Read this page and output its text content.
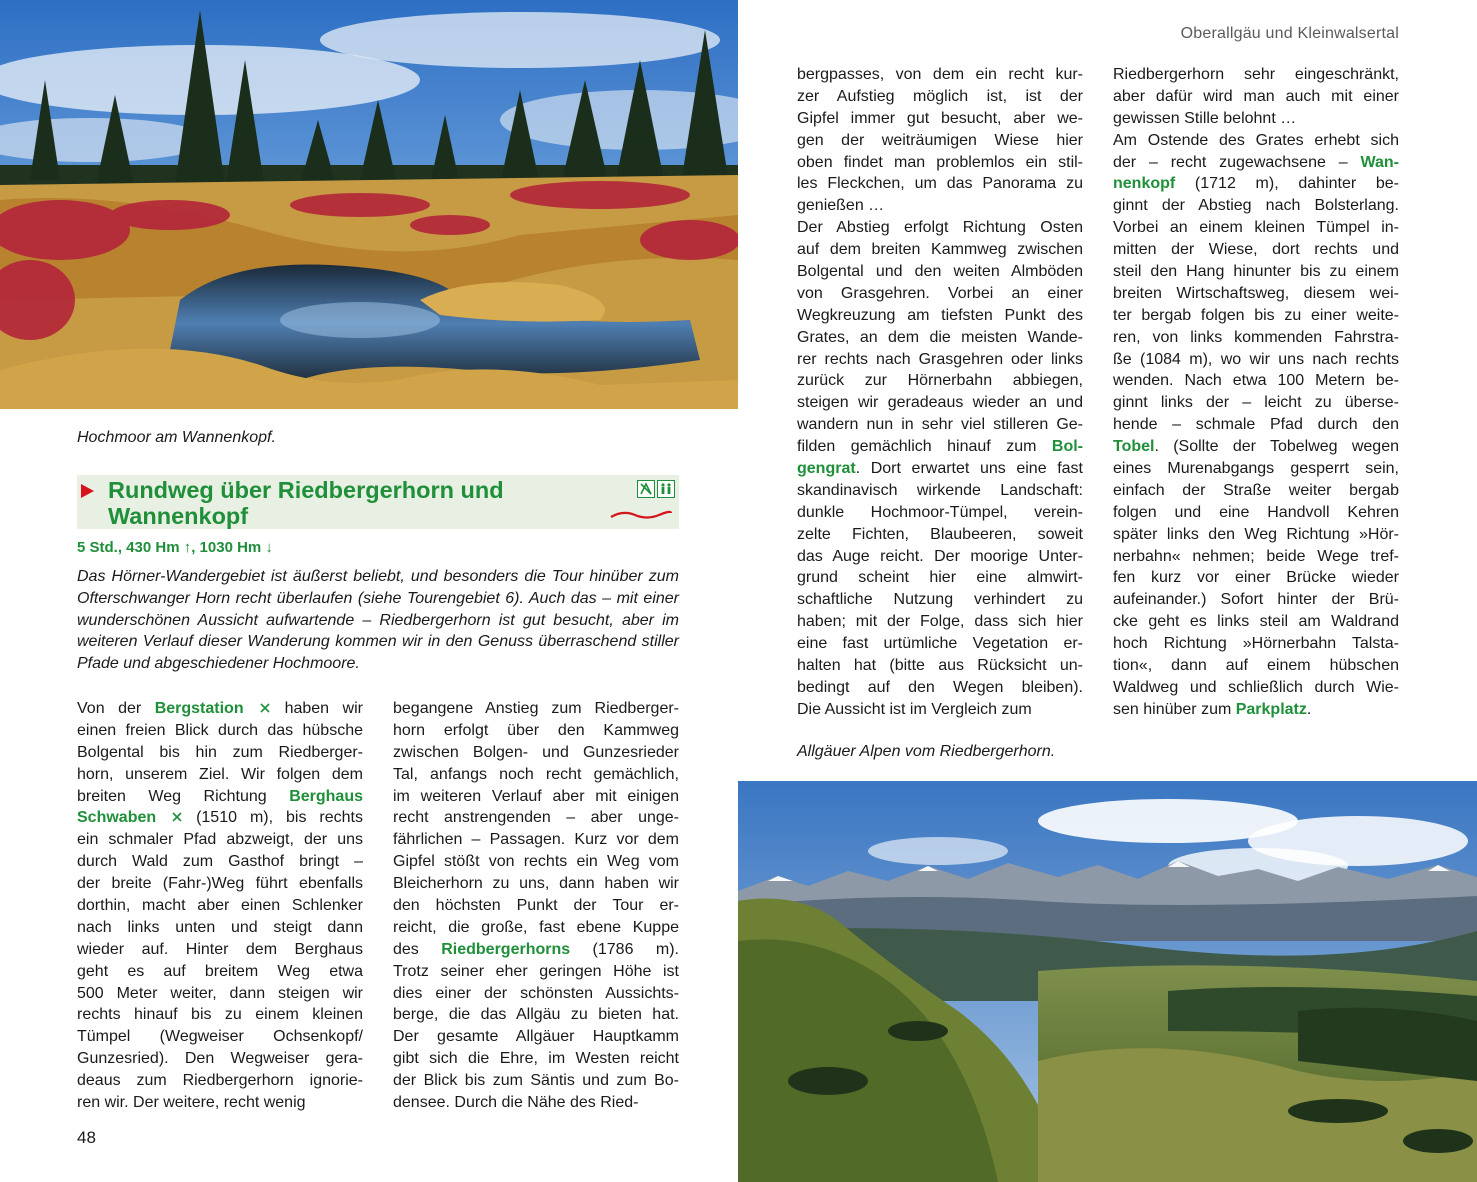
Hochmoor am Wannenkopf.
Oberallgäu und Kleinwalsertal
Rundweg über Riedbergerhorn und
Wannenkopf
5 Std., 430 Hm ↑, 1030 Hm ↓
Das Hörner-Wandergebiet ist äußerst beliebt, und besonders die Tour hinüber zum Ofterschwanger Horn recht überlaufen (siehe Tourengebiet 6). Auch das – mit einer wunderschönen Aussicht aufwartende – Riedbergerhorn ist gut besucht, aber im weiteren Verlauf dieser Wanderung kommen wir in den Genuss überraschend stiller Pfade und abgeschiedener Hochmoore.
Von der Bergstation  haben wir
einen freien Blick durch das hübsche
Bolgental bis hin zum Riedberger-
horn, unserem Ziel. Wir folgen dem
breiten Weg Richtung Berghaus
Schwaben  (1510 m), bis rechts
ein schmaler Pfad abzweigt, der uns
durch Wald zum Gasthof bringt –
der breite (Fahr-)Weg führt ebenfalls
dorthin, macht aber einen Schlenker
nach links unten und steigt dann
wieder auf. Hinter dem Berghaus
geht es auf breitem Weg etwa
500 Meter weiter, dann steigen wir
rechts hinauf bis zu einem kleinen
Tümpel (Wegweiser Ochsenkopf/
Gunzesried). Den Wegweiser gera-
deaus zum Riedbergerhorn ignorie-
ren wir. Der weitere, recht wenig
begangene Anstieg zum Riedberger-
horn erfolgt über den Kammweg
zwischen Bolgen- und Gunzesrieder
Tal, anfangs noch recht gemächlich,
im weiteren Verlauf aber mit einigen
recht anstrengenden – aber unge-
fährlichen – Passagen. Kurz vor dem
Gipfel stößt von rechts ein Weg vom
Bleicherhorn zu uns, dann haben wir
den höchsten Punkt der Tour er-
reicht, die große, fast ebene Kuppe
des Riedbergerhorns (1786 m).
Trotz seiner eher geringen Höhe ist
dies einer der schönsten Aussichts-
berge, die das Allgäu zu bieten hat.
Der gesamte Allgäuer Hauptkamm
gibt sich die Ehre, im Westen reicht
der Blick bis zum Säntis und zum Bo-
densee. Durch die Nähe des Ried-
bergpasses, von dem ein recht kur-
zer Aufstieg möglich ist, ist der
Gipfel immer gut besucht, aber we-
gen der weiträumigen Wiese hier
oben findet man problemlos ein stil-
les Fleckchen, um das Panorama zu
genießen …
Der Abstieg erfolgt Richtung Osten
auf dem breiten Kammweg zwischen
Bolgental und den weiten Almböden
von Grasgehren. Vorbei an einer
Wegkreuzung am tiefsten Punkt des
Grates, an dem die meisten Wande-
rer rechts nach Grasgehren oder links
zurück zur Hörnerbahn abbiegen,
steigen wir geradeaus wieder an und
wandern nun in sehr viel stilleren Ge-
filden gemächlich hinauf zum Bol-
gengrat. Dort erwartet uns eine fast
skandinavisch wirkende Landschaft:
dunkle Hochmoor-Tümpel, verein-
zelte Fichten, Blaubeeren, soweit
das Auge reicht. Der moorige Unter-
grund scheint hier eine almwirt-
schaftliche Nutzung verhindert zu
haben; mit der Folge, dass sich hier
eine fast urtümliche Vegetation er-
halten hat (bitte aus Rücksicht un-
bedingt auf den Wegen bleiben).
Die Aussicht ist im Vergleich zum
Riedbergerhorn sehr eingeschränkt,
aber dafür wird man auch mit einer
gewissen Stille belohnt …
Am Ostende des Grates erhebt sich
der – recht zugewachsene – Wan-
nenkopf (1712 m), dahinter be-
ginnt der Abstieg nach Bolsterlang.
Vorbei an einem kleinen Tümpel in-
mitten der Wiese, dort rechts und
steil den Hang hinunter bis zu einem
breiten Wirtschaftsweg, diesem wei-
ter bergab folgen bis zu einer weite-
ren, von links kommenden Fahrstra-
ße (1084 m), wo wir uns nach rechts
wenden. Nach etwa 100 Metern be-
ginnt links der – leicht zu überse-
hende – schmale Pfad durch den
Tobel. (Sollte der Tobelweg wegen
eines Murenabgangs gesperrt sein,
einfach der Straße weiter bergab
folgen und eine Handvoll Kehren
später links den Weg Richtung »Hör-
nerbahn« nehmen; beide Wege tref-
fen kurz vor einer Brücke wieder
aufeinander.) Sofort hinter der Brü-
cke geht es links steil am Waldrand
hoch Richtung »Hörnerbahn Talsta-
tion«, dann auf einem hübschen
Waldweg und schließlich durch Wie-
sen hinüber zum Parkplatz.
Allgäuer Alpen vom Riedbergerhorn.
48
